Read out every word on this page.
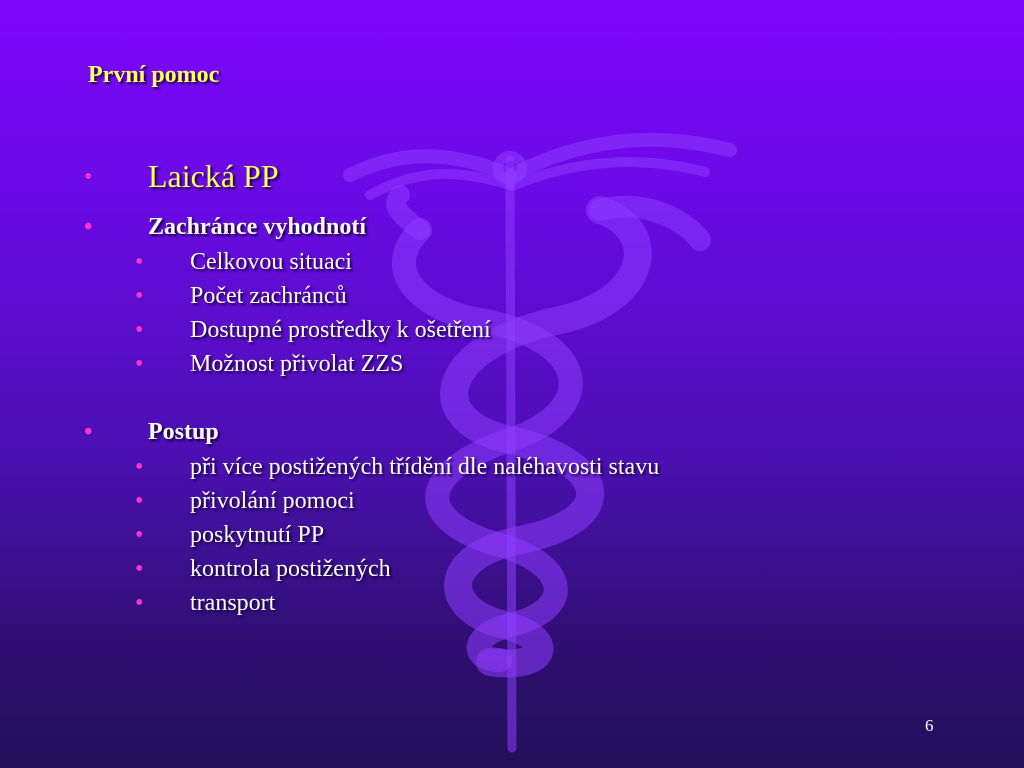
První pomoc
• Laická PP
• Zachránce vyhodnotí
• Celkovou situaci
• Počet zachránců
• Dostupné prostředky k ošetření
• Možnost přivolat ZZS
• Postup
• při více postižených třídění dle naléhavosti stavu
• přivolání pomoci
• poskytnutí PP
• kontrola postižených
• transport
6
